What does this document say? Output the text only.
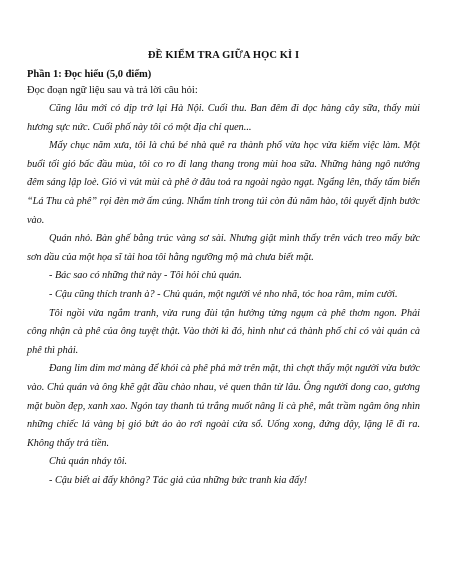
ĐỀ KIỂM TRA GIỮA HỌC KÌ I
Phần 1: Đọc hiểu (5,0 điểm)
Đọc đoạn ngữ liệu sau và trả lời câu hỏi:

Cũng lâu mới có dịp trở lại Hà Nội. Cuối thu. Ban đêm đi dọc hàng cây sữa, thấy mùi hương sực nức. Cuối phố này tôi có một địa chỉ quen...

Mấy chục năm xưa, tôi là chú bé nhà quê ra thành phố vừa học vừa kiếm việc làm. Một buổi tối gió bấc đầu mùa, tôi co ro đi lang thang trong mùi hoa sữa. Những hàng ngô nướng đêm sáng lập loè. Gió vì vút mùi cà phê ở đâu toả ra ngoài ngào ngạt. Ngẩng lên, thấy tấm biển “Lá Thu cà phê” rọi đèn mờ ấm cúng. Nhẩm tính trong túi còn đủ năm hào, tôi quyết định bước vào.

Quán nhỏ. Bàn ghế bằng trúc vàng sơ sài. Nhưng giật mình thấy trên vách treo mấy bức sơn dầu của một họa sĩ tài hoa tôi hằng ngưỡng mộ mà chưa biết mặt.

- Bác sao có những thứ này - Tôi hỏi chủ quán.

- Cậu cũng thích tranh à? - Chủ quán, một người vẻ nho nhã, tóc hoa râm, mỉm cười.

Tôi ngồi vừa ngắm tranh, vừa rung đùi tận hưởng từng ngụm cà phê thơm ngon. Phải công nhận cà phê của ông tuyệt thật. Vào thời kì đó, hình như cả thành phố chỉ có vài quán cà phê thì phải.

Đang lim dim mơ màng để khói cà phê phả mờ trên mặt, thì chợt thấy một người vừa bước vào. Chủ quán và ông khẽ gật đầu chào nhau, vẻ quen thân từ lâu. Ông người dong cao, gương mặt buồn đẹp, xanh xao. Ngón tay thanh tú trắng muốt nâng li cà phê, mắt trầm ngâm ông nhìn những chiếc lá vàng bị gió bứt áo ào rơi ngoài cửa sổ. Uống xong, đứng dậy, lặng lẽ đi ra. Không thấy trả tiền.

Chủ quán nháy tôi.

- Cậu biết ai đấy không? Tác giả của những bức tranh kia đấy!
